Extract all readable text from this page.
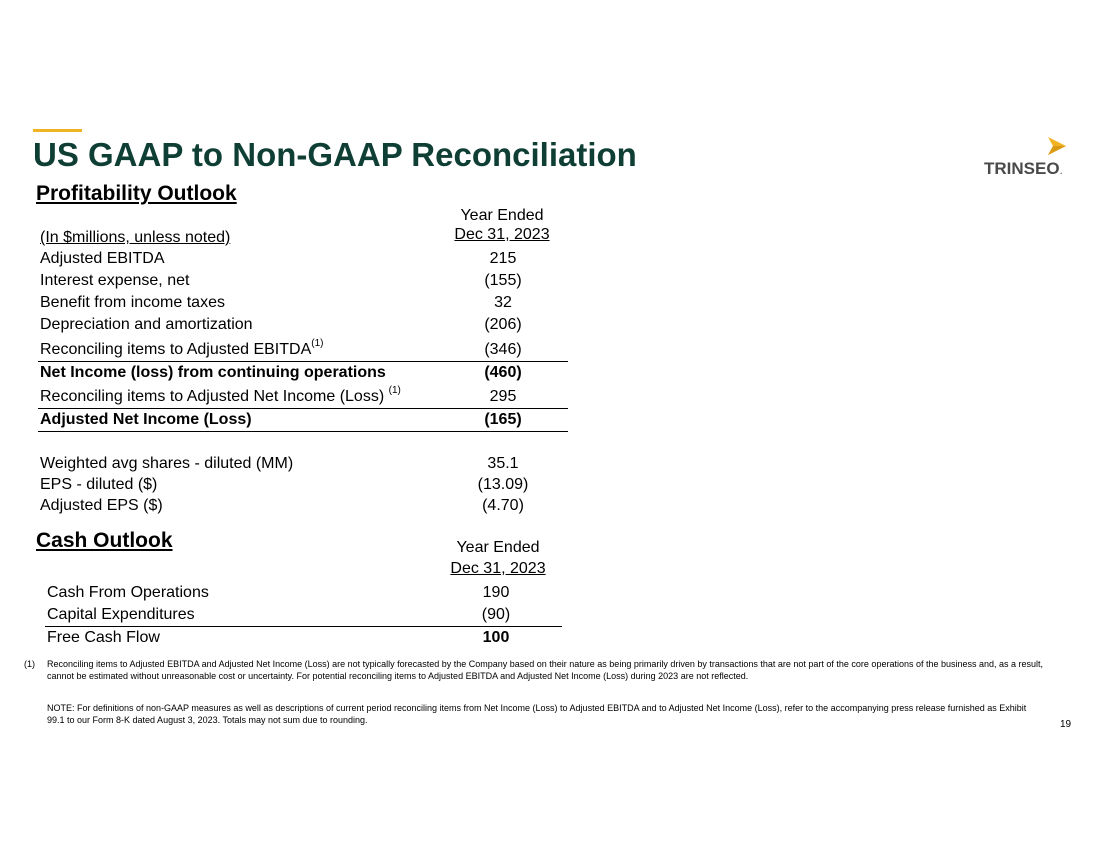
US GAAP to Non-GAAP Reconciliation	TRINSEO.
Profitability Outlook
Year Ended
Dec 31, 2023
(In $millions, unless noted)
Adjusted EBITDA	215
Interest expense, net	(155)
Benefit from income taxes	32
Depreciation and amortization	(206)
Reconciling items to Adjusted EBITDA$^{(1)}$	(346)
Net Income (loss) from continuing operations	(460)
Reconciling items to Adjusted Net Income (Loss) $^{(1)}$	295
Adjusted Net Income (Loss)	(165)
Weighted avg shares - diluted (MM)	35.1
EPS - diluted ($)	(13.09)
Adjusted EPS ($)	(4.70)
Cash Outlook	Year Ended
Dec 31, 2023
Cash From Operations	190
Capital Expenditures	(90)
Free Cash Flow	100
(1) Reconciling items to Adjusted EBITDA and Adjusted Net Income (Loss) are not typically forecasted by the Company based on their nature as being primarily driven by transactions that are not part of the core operations of the business and, as a result, cannot be estimated without unreasonable cost or uncertainty. For potential reconciling items to Adjusted EBITDA and Adjusted Net Income (Loss) during 2023 are not reflected.
NOTE: For definitions of non-GAAP measures as well as descriptions of current period reconciling items from Net Income (Loss) to Adjusted EBITDA and to Adjusted Net Income (Loss), refer to the accompanying press release furnished as Exhibit 99.1 to our Form 8-K dated August 3, 2023. Totals may not sum due to rounding.	19
